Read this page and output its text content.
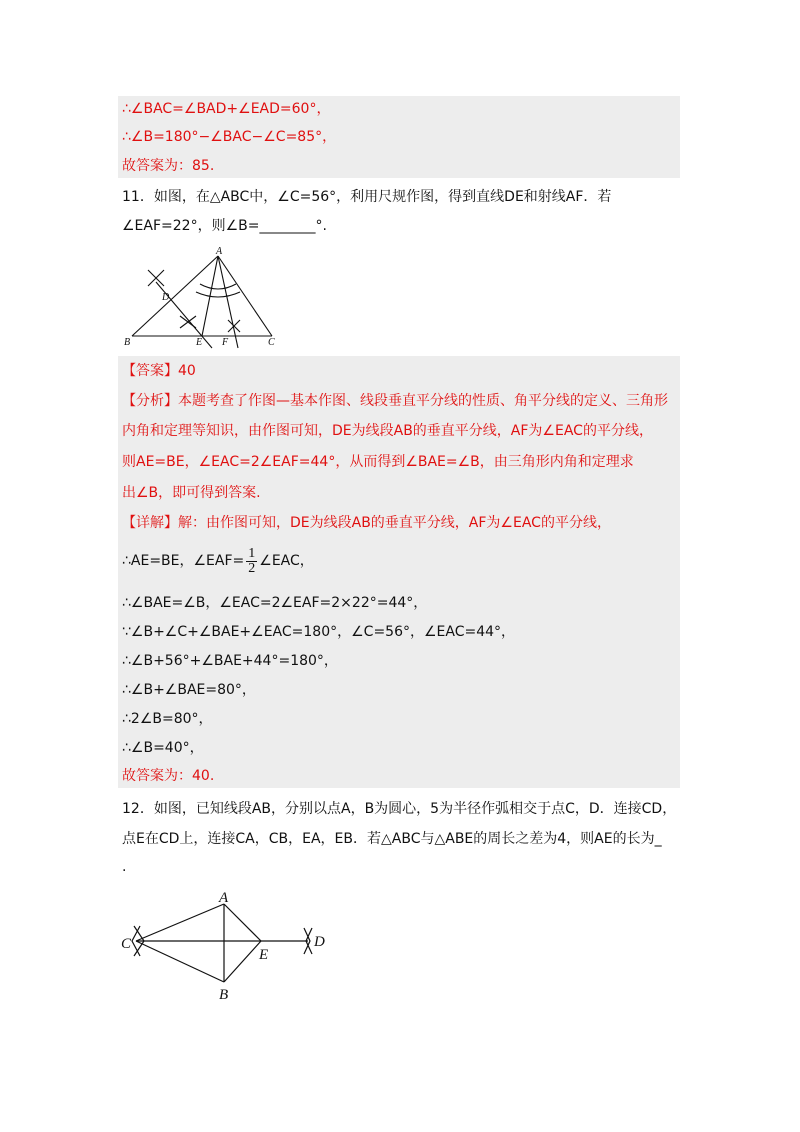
∴∠BAC=∠BAD+∠EAD=60°，
∴∠B=180°−∠BAC−∠C=85°，
故答案为：85.
11．如图，在△ABC中，∠C=56°，利用尺规作图，得到直线DE和射线AF．若
∠EAF=22°，则∠B=________°.
A
B	C
D
E F
【答案】40
【分析】本题考查了作图—基本作图、线段垂直平分线的性质、角平分线的定义、三角形
内角和定理等知识，由作图可知，DE为线段AB的垂直平分线，AF为∠EAC的平分线，
则AE=BE，∠EAC=2∠EAF=44°，从而得到∠BAE=∠B，由三角形内角和定理求
出∠B，即可得到答案.
【详解】解：由作图可知，DE为线段AB的垂直平分线，AF为∠EAC的平分线，
∴AE=BE，∠EAF= $\frac{1}{2}$ ∠EAC，
∴∠BAE=∠B，∠EAC=2∠EAF=2×22°=44°，
∵∠B+∠C+∠BAE+∠EAC=180°，∠C=56°，∠EAC=44°，
∴∠B+56°+∠BAE+44°=180°，
∴∠B+∠BAE=80°，
∴2∠B=80°，
∴∠B=40°，
故答案为：40.
12．如图，已知线段AB，分别以点A，B为圆心，5为半径作弧相交于点C，D．连接CD，
点E在CD上，连接CA，CB，EA，EB．若△ABC与△ABE的周长之差为4，则AE的长为_
.
A
B
C	D
E
